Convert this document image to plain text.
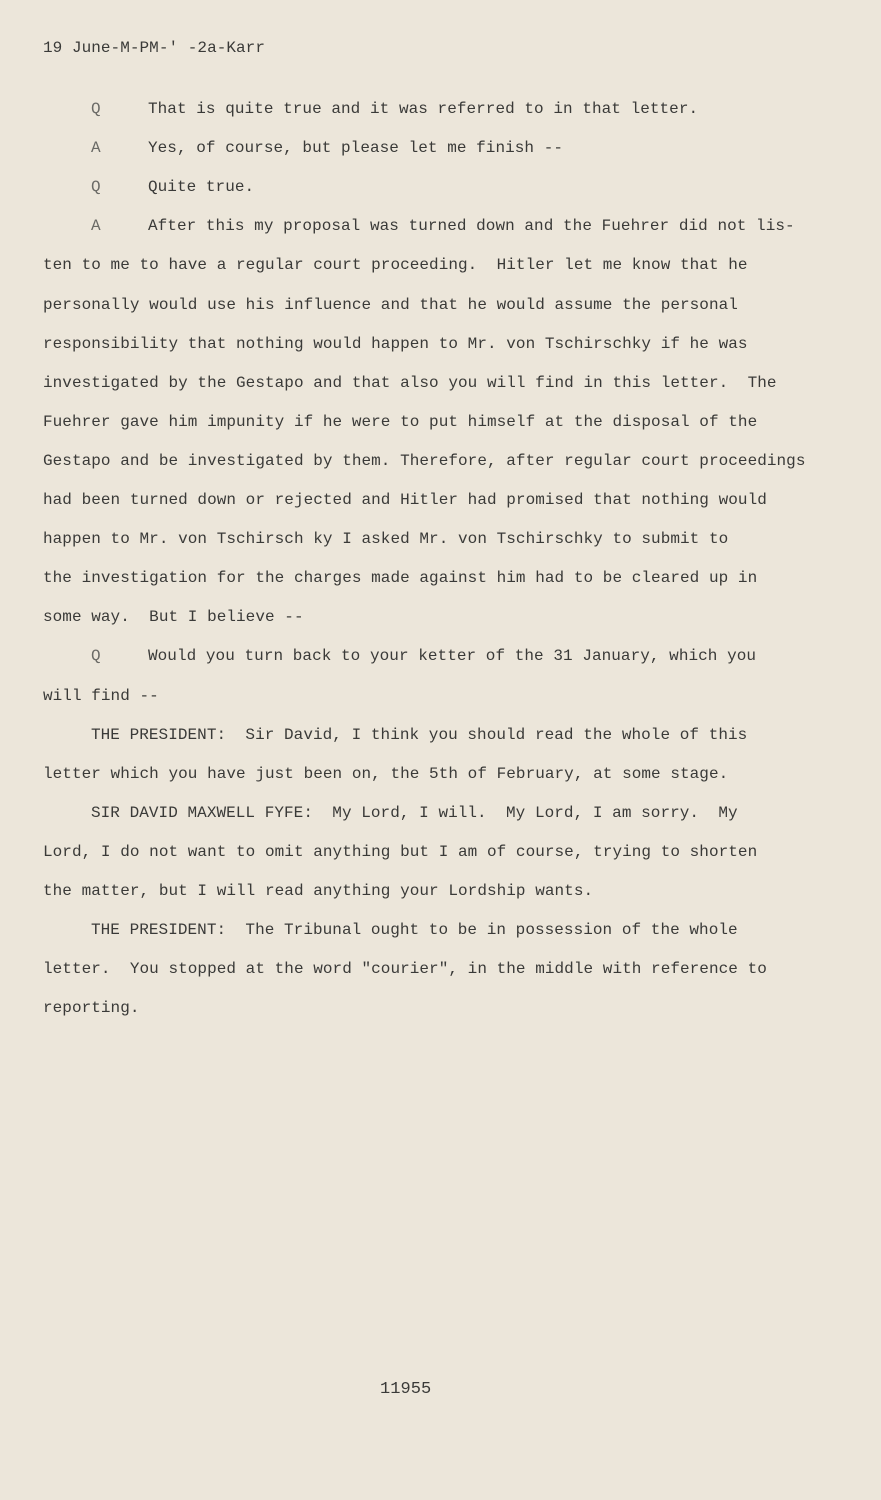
19 June-M-PM-' -2a-Karr
Q	That is quite true and it was referred to in that letter.
A	Yes, of course, but please let me finish --
Q	Quite true.
A	After this my proposal was turned down and the Fuehrer did not lis-
ten to me to have a regular court proceeding.  Hitler let me know that he
personally would use his influence and that he would assume the personal
responsibility that nothing would happen to Mr. von Tschirschky if he was
investigated by the Gestapo and that also you will find in this letter.  The
Fuehrer gave him impunity if he were to put himself at the disposal of the
Gestapo and be investigated by them. Therefore, after regular court proceedings
had been turned down or rejected and Hitler had promised that nothing would
happen to Mr. von Tschirsch ky I asked Mr. von Tschirschky to submit to
the investigation for the charges made against him had to be cleared up in
some way.  But I believe --
Q	Would you turn back to your ketter of the 31 January, which you
will find --
THE PRESIDENT:  Sir David, I think you should read the whole of this
letter which you have just been on, the 5th of February, at some stage.
SIR DAVID MAXWELL FYFE:  My Lord, I will.  My Lord, I am sorry.  My
Lord, I do not want to omit anything but I am of course, trying to shorten
the matter, but I will read anything your Lordship wants.
THE PRESIDENT:  The Tribunal ought to be in possession of the whole
letter.  You stopped at the word "courier", in the middle with reference to
reporting.
11955
